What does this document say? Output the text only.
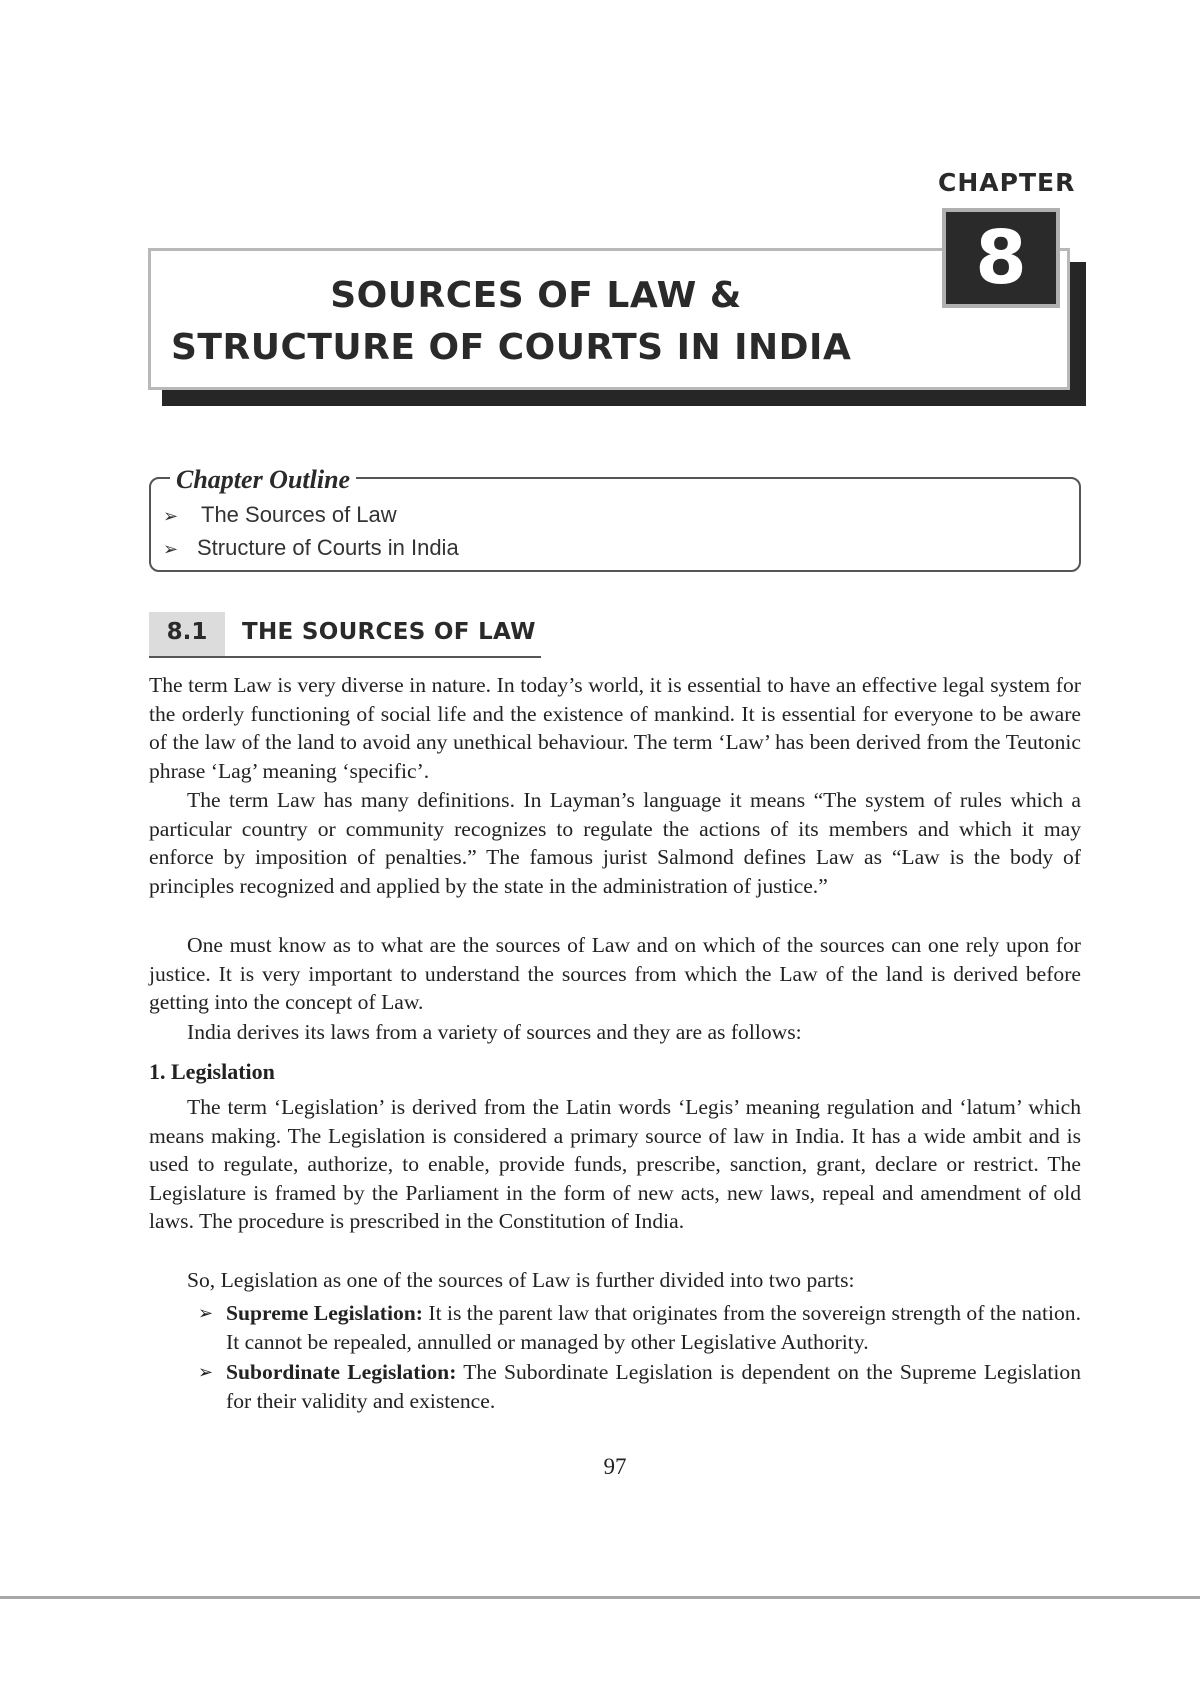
CHAPTER
SOURCES OF LAW &
STRUCTURE OF COURTS IN INDIA
8
Chapter Outline
➢ The Sources of Law
➢ Structure of Courts in India
8.1	THE SOURCES OF LAW
The term Law is very diverse in nature. In today’s world, it is essential to have an effective legal system for the orderly functioning of social life and the existence of mankind. It is essential for everyone to be aware of the law of the land to avoid any unethical behaviour. The term ‘Law’ has been derived from the Teutonic phrase ‘Lag’ meaning ‘specific’.
The term Law has many definitions. In Layman’s language it means “The system of rules which a particular country or community recognizes to regulate the actions of its members and which it may enforce by imposition of penalties.” The famous jurist Salmond defines Law as “Law is the body of principles recognized and applied by the state in the administration of justice.”
One must know as to what are the sources of Law and on which of the sources can one rely upon for justice. It is very important to understand the sources from which the Law of the land is derived before getting into the concept of Law.
India derives its laws from a variety of sources and they are as follows:
1. Legislation
The term ‘Legislation’ is derived from the Latin words ‘Legis’ meaning regulation and ‘latum’ which means making. The Legislation is considered a primary source of law in India. It has a wide ambit and is used to regulate, authorize, to enable, provide funds, prescribe, sanction, grant, declare or restrict. The Legislature is framed by the Parliament in the form of new acts, new laws, repeal and amendment of old laws. The procedure is prescribed in the Constitution of India.
So, Legislation as one of the sources of Law is further divided into two parts:
➢ Supreme Legislation: It is the parent law that originates from the sovereign strength of the nation. It cannot be repealed, annulled or managed by other Legislative Authority.
➢ Subordinate Legislation: The Subordinate Legislation is dependent on the Supreme Legislation for their validity and existence.
97
